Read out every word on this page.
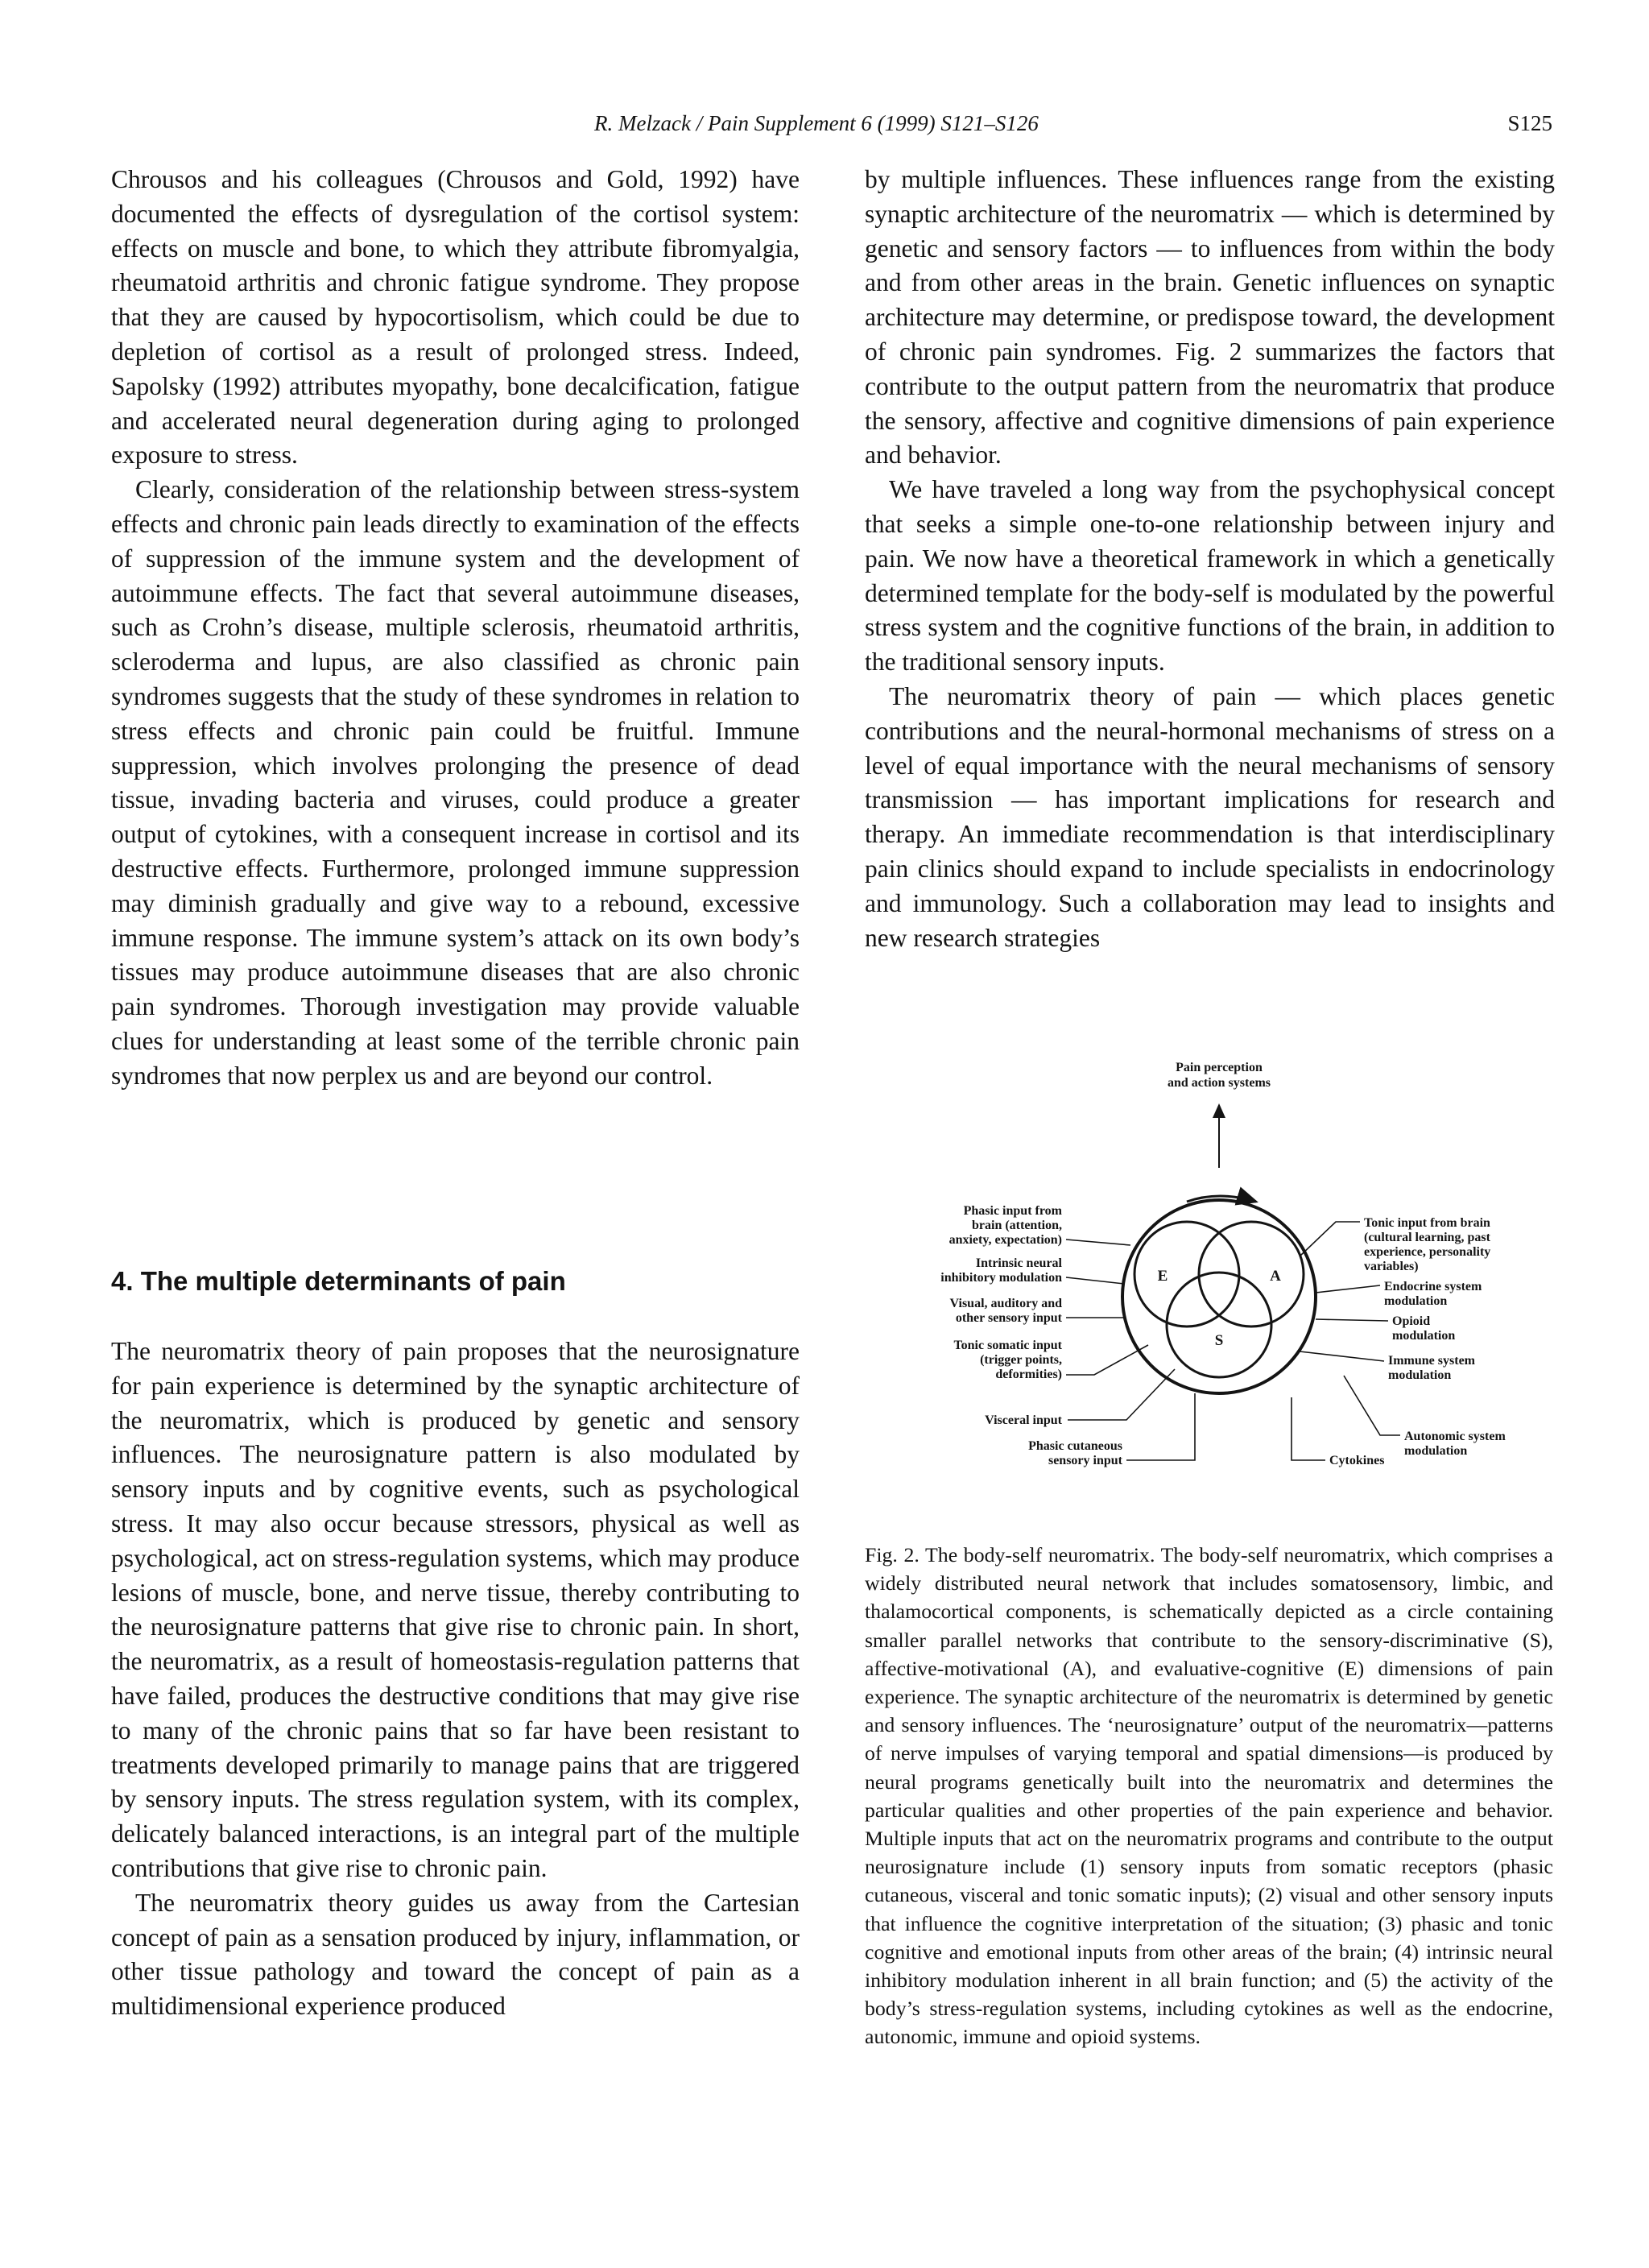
R. Melzack / Pain Supplement 6 (1999) S121–S126	S125

Chrousos and his colleagues (Chrousos and Gold, 1992) have documented the effects of dysregulation of the cortisol system: effects on muscle and bone, to which they attribute fibromyalgia, rheumatoid arthritis and chronic fatigue syndrome. They propose that they are caused by hypocortisolism, which could be due to depletion of cortisol as a result of prolonged stress. Indeed, Sapolsky (1992) attributes myopathy, bone decalcification, fatigue and accelerated neural degeneration during aging to prolonged exposure to stress.

Clearly, consideration of the relationship between stress-system effects and chronic pain leads directly to examination of the effects of suppression of the immune system and the development of autoimmune effects. The fact that several autoimmune diseases, such as Crohn’s disease, multiple sclerosis, rheumatoid arthritis, scleroderma and lupus, are also classified as chronic pain syndromes suggests that the study of these syndromes in relation to stress effects and chronic pain could be fruitful. Immune suppression, which involves prolonging the presence of dead tissue, invading bacteria and viruses, could produce a greater output of cytokines, with a consequent increase in cortisol and its destructive effects. Furthermore, prolonged immune suppression may diminish gradually and give way to a rebound, excessive immune response. The immune system’s attack on its own body’s tissues may produce autoimmune diseases that are also chronic pain syndromes. Thorough investigation may provide valuable clues for understanding at least some of the terrible chronic pain syndromes that now perplex us and are beyond our control.

4. The multiple determinants of pain

The neuromatrix theory of pain proposes that the neurosignature for pain experience is determined by the synaptic architecture of the neuromatrix, which is produced by genetic and sensory influences. The neurosignature pattern is also modulated by sensory inputs and by cognitive events, such as psychological stress. It may also occur because stressors, physical as well as psychological, act on stress-regulation systems, which may produce lesions of muscle, bone, and nerve tissue, thereby contributing to the neurosignature patterns that give rise to chronic pain. In short, the neuromatrix, as a result of homeostasis-regulation patterns that have failed, produces the destructive conditions that may give rise to many of the chronic pains that so far have been resistant to treatments developed primarily to manage pains that are triggered by sensory inputs. The stress regulation system, with its complex, delicately balanced interactions, is an integral part of the multiple contributions that give rise to chronic pain.

The neuromatrix theory guides us away from the Cartesian concept of pain as a sensation produced by injury, inflammation, or other tissue pathology and toward the concept of pain as a multidimensional experience produced

by multiple influences. These influences range from the existing synaptic architecture of the neuromatrix — which is determined by genetic and sensory factors — to influences from within the body and from other areas in the brain. Genetic influences on synaptic architecture may determine, or predispose toward, the development of chronic pain syndromes. Fig. 2 summarizes the factors that contribute to the output pattern from the neuromatrix that produce the sensory, affective and cognitive dimensions of pain experience and behavior.

We have traveled a long way from the psychophysical concept that seeks a simple one-to-one relationship between injury and pain. We now have a theoretical framework in which a genetically determined template for the body-self is modulated by the powerful stress system and the cognitive functions of the brain, in addition to the traditional sensory inputs.

The neuromatrix theory of pain — which places genetic contributions and the neural-hormonal mechanisms of stress on a level of equal importance with the neural mechanisms of sensory transmission — has important implications for research and therapy. An immediate recommendation is that interdisciplinary pain clinics should expand to include specialists in endocrinology and immunology. Such a collaboration may lead to insights and new research strategies

Pain perception
and action systems
E	A
S
Phasic input from
brain (attention,
anxiety, expectation)
Intrinsic neural
inhibitory modulation
Visual, auditory and
other sensory input
Tonic somatic input
(trigger points,
deformities)
Visceral input
Phasic cutaneous
sensory input
Tonic input from brain
(cultural learning, past
experience, personality
variables)
Endocrine system
modulation
Opioid
modulation
Immune system
modulation
Autonomic system
modulation
Cytokines

Fig. 2. The body-self neuromatrix. The body-self neuromatrix, which comprises a widely distributed neural network that includes somatosensory, limbic, and thalamocortical components, is schematically depicted as a circle containing smaller parallel networks that contribute to the sensory-discriminative (S), affective-motivational (A), and evaluative-cognitive (E) dimensions of pain experience. The synaptic architecture of the neuromatrix is determined by genetic and sensory influences. The ‘neurosignature’ output of the neuromatrix—patterns of nerve impulses of varying temporal and spatial dimensions—is produced by neural programs genetically built into the neuromatrix and determines the particular qualities and other properties of the pain experience and behavior. Multiple inputs that act on the neuromatrix programs and contribute to the output neurosignature include (1) sensory inputs from somatic receptors (phasic cutaneous, visceral and tonic somatic inputs); (2) visual and other sensory inputs that influence the cognitive interpretation of the situation; (3) phasic and tonic cognitive and emotional inputs from other areas of the brain; (4) intrinsic neural inhibitory modulation inherent in all brain function; and (5) the activity of the body’s stress-regulation systems, including cytokines as well as the endocrine, autonomic, immune and opioid systems.
